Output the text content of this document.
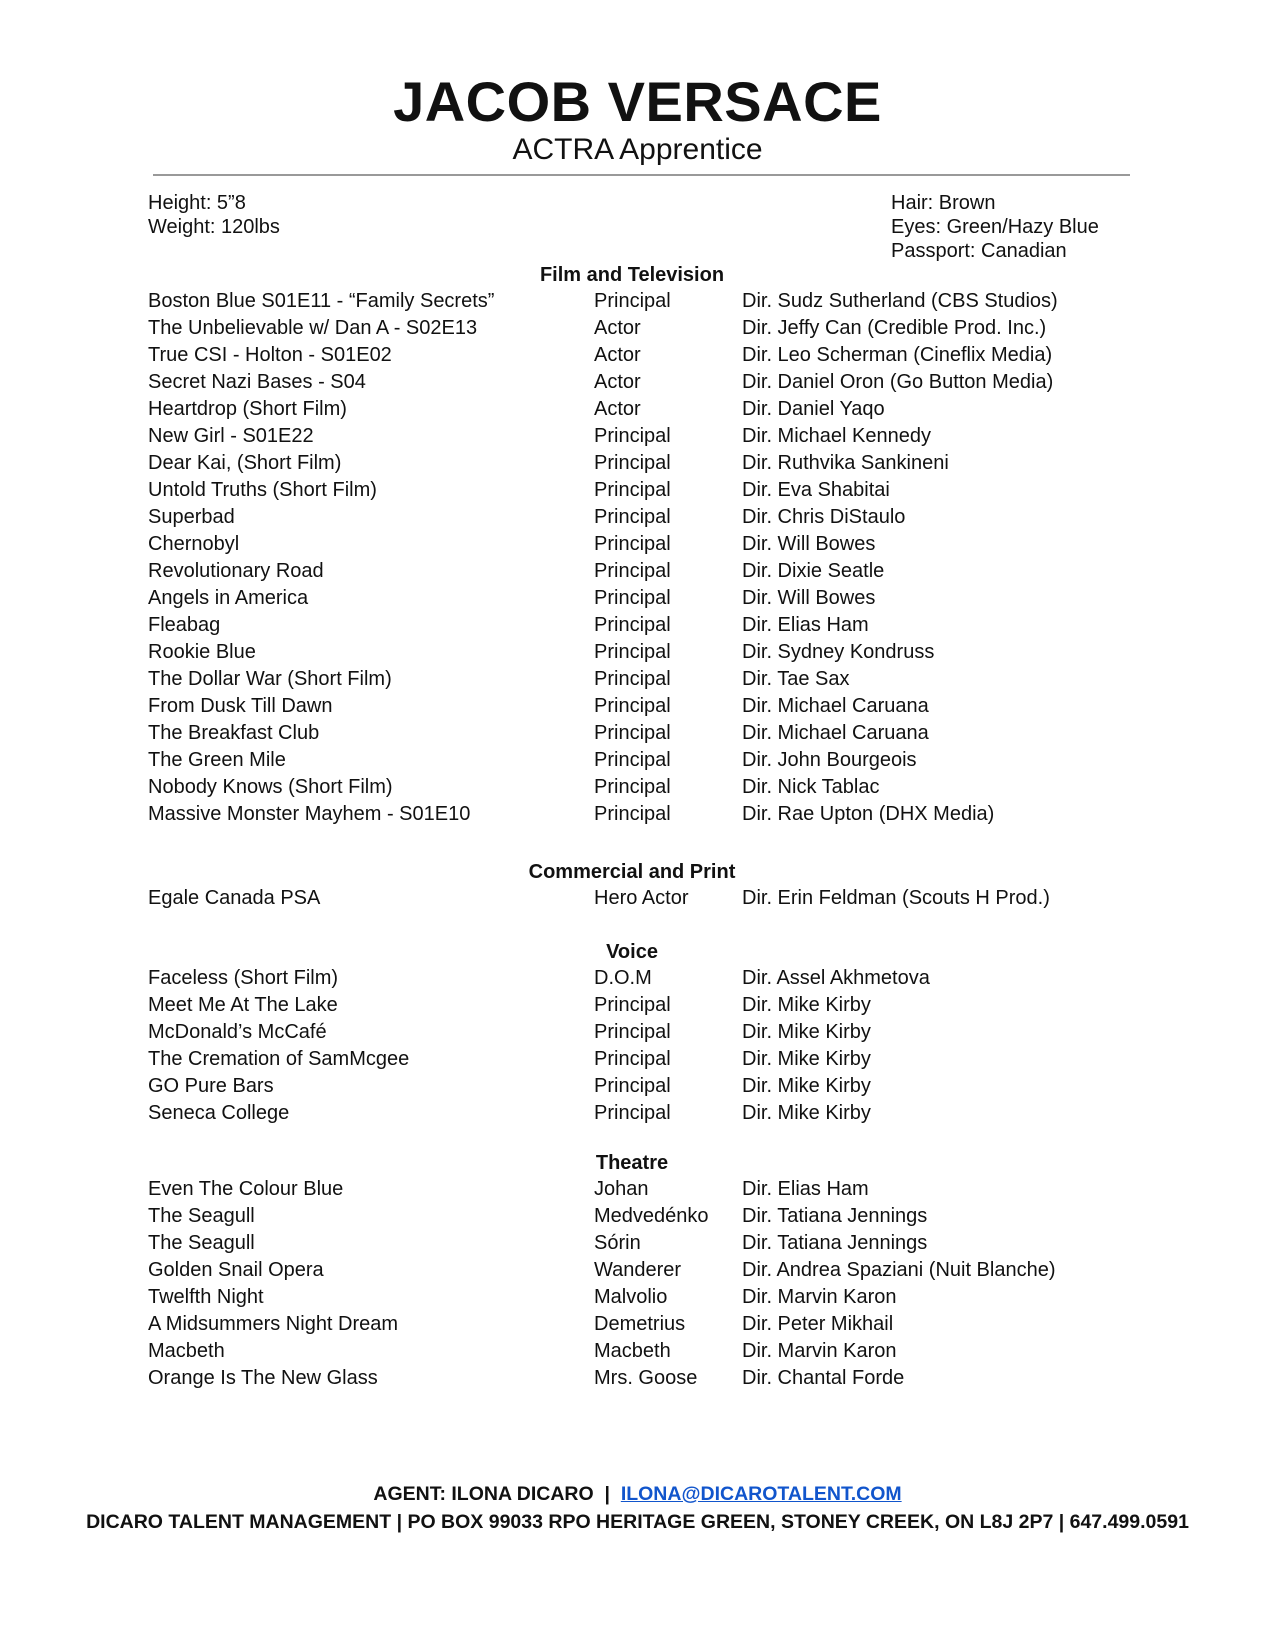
JACOB VERSACE
ACTRA Apprentice
Height: 5”8
Weight: 120lbs
Hair: Brown
Eyes: Green/Hazy Blue
Passport: Canadian
Film and Television
Boston Blue S01E11 - “Family Secrets”	Principal	Dir. Sudz Sutherland (CBS Studios)
The Unbelievable w/ Dan A - S02E13	Actor	Dir. Jeffy Can (Credible Prod. Inc.)
True CSI - Holton - S01E02	Actor	Dir. Leo Scherman (Cineflix Media)
Secret Nazi Bases - S04	Actor	Dir. Daniel Oron (Go Button Media)
Heartdrop (Short Film)	Actor	Dir. Daniel Yaqo
New Girl - S01E22	Principal	Dir. Michael Kennedy
Dear Kai, (Short Film)	Principal	Dir. Ruthvika Sankineni
Untold Truths (Short Film)	Principal	Dir. Eva Shabitai
Superbad	Principal	Dir. Chris DiStaulo
Chernobyl	Principal	Dir. Will Bowes
Revolutionary Road	Principal	Dir. Dixie Seatle
Angels in America	Principal	Dir. Will Bowes
Fleabag	Principal	Dir. Elias Ham
Rookie Blue	Principal	Dir. Sydney Kondruss
The Dollar War (Short Film)	Principal	Dir. Tae Sax
From Dusk Till Dawn	Principal	Dir. Michael Caruana
The Breakfast Club	Principal	Dir. Michael Caruana
The Green Mile	Principal	Dir. John Bourgeois
Nobody Knows (Short Film)	Principal	Dir. Nick Tablac
Massive Monster Mayhem - S01E10	Principal	Dir. Rae Upton (DHX Media)
Commercial and Print
Egale Canada PSA	Hero Actor	Dir. Erin Feldman (Scouts H Prod.)
Voice
Faceless (Short Film)	D.O.M	Dir. Assel Akhmetova
Meet Me At The Lake	Principal	Dir. Mike Kirby
McDonald’s McCafé	Principal	Dir. Mike Kirby
The Cremation of SamMcgee	Principal	Dir. Mike Kirby
GO Pure Bars	Principal	Dir. Mike Kirby
Seneca College	Principal	Dir. Mike Kirby
Theatre
Even The Colour Blue	Johan	Dir. Elias Ham
The Seagull	Medvedénko Dir. Tatiana Jennings
The Seagull	Sórin	Dir. Tatiana Jennings
Golden Snail Opera	Wanderer	Dir. Andrea Spaziani (Nuit Blanche)
Twelfth Night	Malvolio	Dir. Marvin Karon
A Midsummers Night Dream	Demetrius	Dir. Peter Mikhail
Macbeth	Macbeth	Dir. Marvin Karon
Orange Is The New Glass	Mrs. Goose Dir. Chantal Forde
AGENT: ILONA DICARO | ILONA@DICAROTALENT.COM
DICARO TALENT MANAGEMENT | PO BOX 99033 RPO HERITAGE GREEN, STONEY CREEK, ON L8J 2P7 | 647.499.0591
